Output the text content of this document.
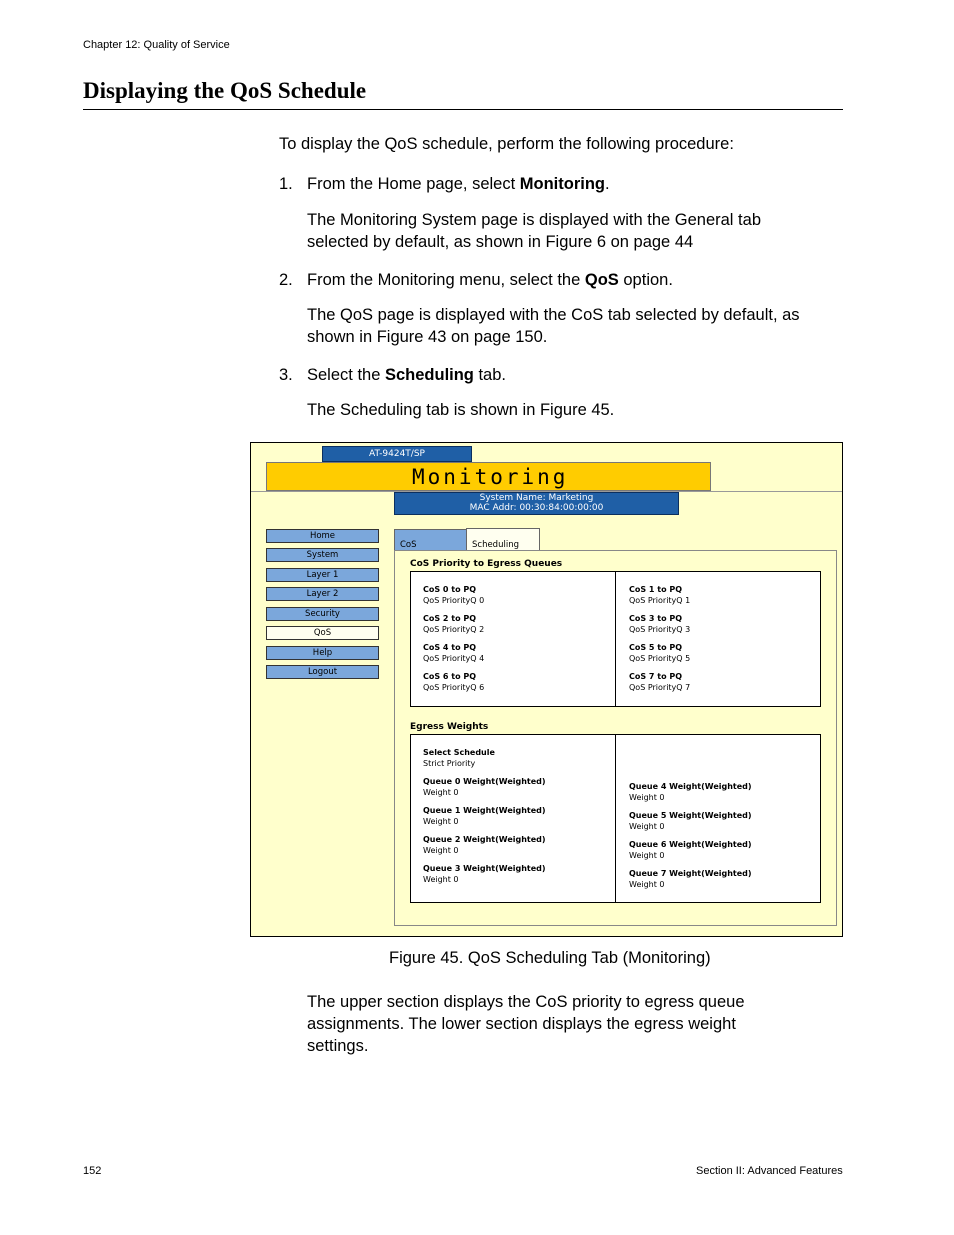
Chapter 12: Quality of Service
Displaying the QoS Schedule
To display the QoS schedule, perform the following procedure:
1. From the Home page, select Monitoring.
The Monitoring System page is displayed with the General tab selected by default, as shown in Figure 6 on page 44
2. From the Monitoring menu, select the QoS option.
The QoS page is displayed with the CoS tab selected by default, as shown in Figure 43 on page 150.
3. Select the Scheduling tab.
The Scheduling tab is shown in Figure 45.
AT-9424T/SP
Monitoring
System Name: Marketing
MAC Addr: 00:30:84:00:00:00
Home
System
Layer 1
Layer 2
Security
QoS
Help
Logout
CoS	Scheduling
CoS Priority to Egress Queues
CoS 0 to PQ
QoS PriorityQ 0
CoS 2 to PQ
QoS PriorityQ 2
CoS 4 to PQ
QoS PriorityQ 4
CoS 6 to PQ
QoS PriorityQ 6
CoS 1 to PQ
QoS PriorityQ 1
CoS 3 to PQ
QoS PriorityQ 3
CoS 5 to PQ
QoS PriorityQ 5
CoS 7 to PQ
QoS PriorityQ 7
Egress Weights
Select Schedule
Strict Priority
Queue 0 Weight(Weighted)
Weight 0
Queue 1 Weight(Weighted)
Weight 0
Queue 2 Weight(Weighted)
Weight 0
Queue 3 Weight(Weighted)
Weight 0
Queue 4 Weight(Weighted)
Weight 0
Queue 5 Weight(Weighted)
Weight 0
Queue 6 Weight(Weighted)
Weight 0
Queue 7 Weight(Weighted)
Weight 0
Figure 45. QoS Scheduling Tab (Monitoring)
The upper section displays the CoS priority to egress queue assignments. The lower section displays the egress weight settings.
152	Section II: Advanced Features
